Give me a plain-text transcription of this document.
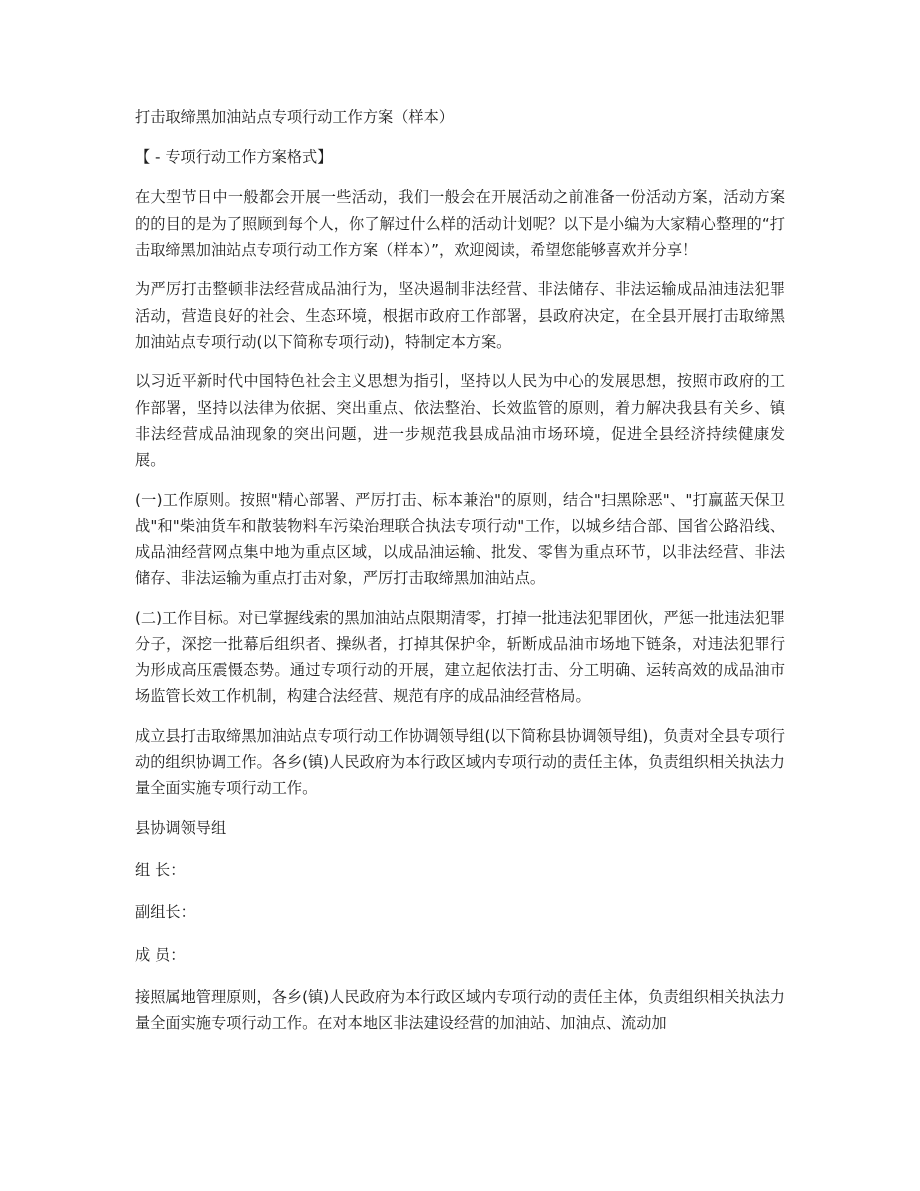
打击取缔黑加油站点专项行动工作方案（样本）

【 - 专项行动工作方案格式】

在大型节日中一般都会开展一些活动，我们一般会在开展活动之前准备一份活动方案，活动方案的的目的是为了照顾到每个人，你了解过什么样的活动计划呢？以下是小编为大家精心整理的“打击取缔黑加油站点专项行动工作方案（样本）”，欢迎阅读，希望您能够喜欢并分享！

为严厉打击整顿非法经营成品油行为，坚决遏制非法经营、非法储存、非法运输成品油违法犯罪活动，营造良好的社会、生态环境，根据市政府工作部署，县政府决定，在全县开展打击取缔黑加油站点专项行动(以下简称专项行动)，特制定本方案。

以习近平新时代中国特色社会主义思想为指引，坚持以人民为中心的发展思想，按照市政府的工作部署，坚持以法律为依据、突出重点、依法整治、长效监管的原则，着力解决我县有关乡、镇非法经营成品油现象的突出问题，进一步规范我县成品油市场环境，促进全县经济持续健康发展。

(一)工作原则。按照"精心部署、严厉打击、标本兼治"的原则，结合"扫黑除恶"、"打赢蓝天保卫战"和"柴油货车和散装物料车污染治理联合执法专项行动"工作，以城乡结合部、国省公路沿线、成品油经营网点集中地为重点区域，以成品油运输、批发、零售为重点环节，以非法经营、非法储存、非法运输为重点打击对象，严厉打击取缔黑加油站点。

(二)工作目标。对已掌握线索的黑加油站点限期清零，打掉一批违法犯罪团伙，严惩一批违法犯罪分子，深挖一批幕后组织者、操纵者，打掉其保护伞，斩断成品油市场地下链条，对违法犯罪行为形成高压震慑态势。通过专项行动的开展，建立起依法打击、分工明确、运转高效的成品油市场监管长效工作机制，构建合法经营、规范有序的成品油经营格局。

成立县打击取缔黑加油站点专项行动工作协调领导组(以下简称县协调领导组)，负责对全县专项行动的组织协调工作。各乡(镇)人民政府为本行政区域内专项行动的责任主体，负责组织相关执法力量全面实施专项行动工作。

县协调领导组

组 长：

副组长：

成 员：

接照属地管理原则，各乡(镇)人民政府为本行政区域内专项行动的责任主体，负责组织相关执法力量全面实施专项行动工作。在对本地区非法建设经营的加油站、加油点、流动加
